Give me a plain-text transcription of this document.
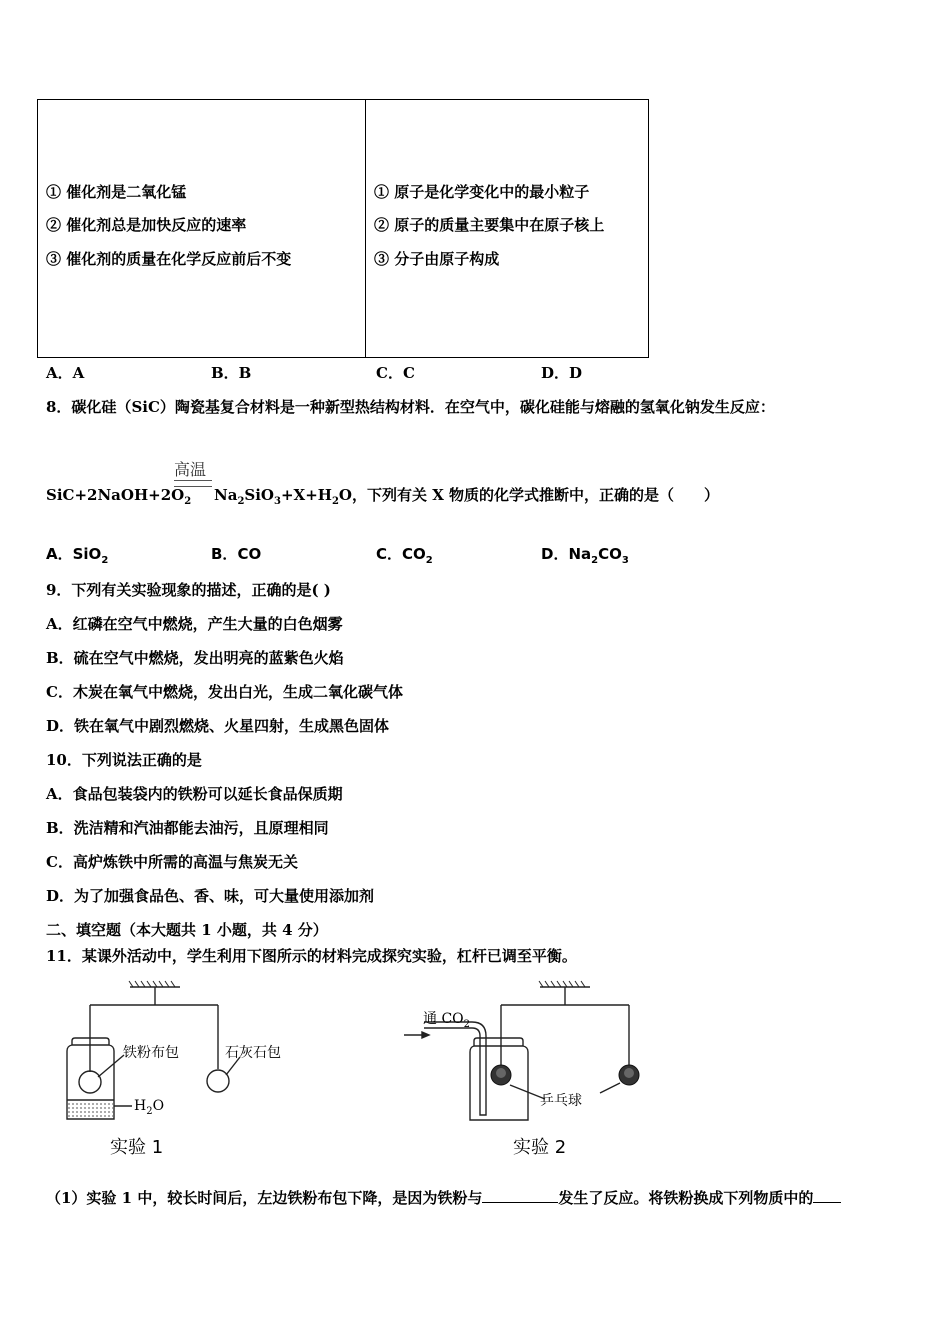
① 催化剂是二氧化锰
② 催化剂总是加快反应的速率
③ 催化剂的质量在化学反应前后不变
① 原子是化学变化中的最小粒子
② 原子的质量主要集中在原子核上
③ 分子由原子构成
A．A	B．B	C．C	D．D
8．碳化硅（SiC）陶瓷基复合材料是一种新型热结构材料．在空气中，碳化硅能与熔融的氢氧化钠发生反应：
高温
$SiC+2NaOH+2O_2$ $Na_2SiO_3+X+H_2O$，下列有关 X 物质的化学式推断中，正确的是（　　）
A．SiO$_2$	B．CO	C．$CO_2$	D．$Na_2CO_3$
9．下列有关实验现象的描述，正确的是( )
A．红磷在空气中燃烧，产生大量的白色烟雾
B．硫在空气中燃烧，发出明亮的蓝紫色火焰
C．木炭在氧气中燃烧，发出白光，生成二氧化碳气体
D．铁在氧气中剧烈燃烧、火星四射，生成黑色固体
10．下列说法正确的是
A．食品包装袋内的铁粉可以延长食品保质期
B．洗洁精和汽油都能去油污，且原理相同
C．高炉炼铁中所需的高温与焦炭无关
D．为了加强食品色、香、味，可大量使用添加剂
二、填空题（本大题共 1 小题，共 4 分）
11．某课外活动中，学生利用下图所示的材料完成探究实验，杠杆已调至平衡。
铁粉布包	石灰石包
$H_2O$
实验 1
通 $CO_2$
乒乓球
实验 2
（1）实验 1 中，较长时间后，左边铁粉布包下降，是因为铁粉与	发生了反应。将铁粉换成下列物质中的
